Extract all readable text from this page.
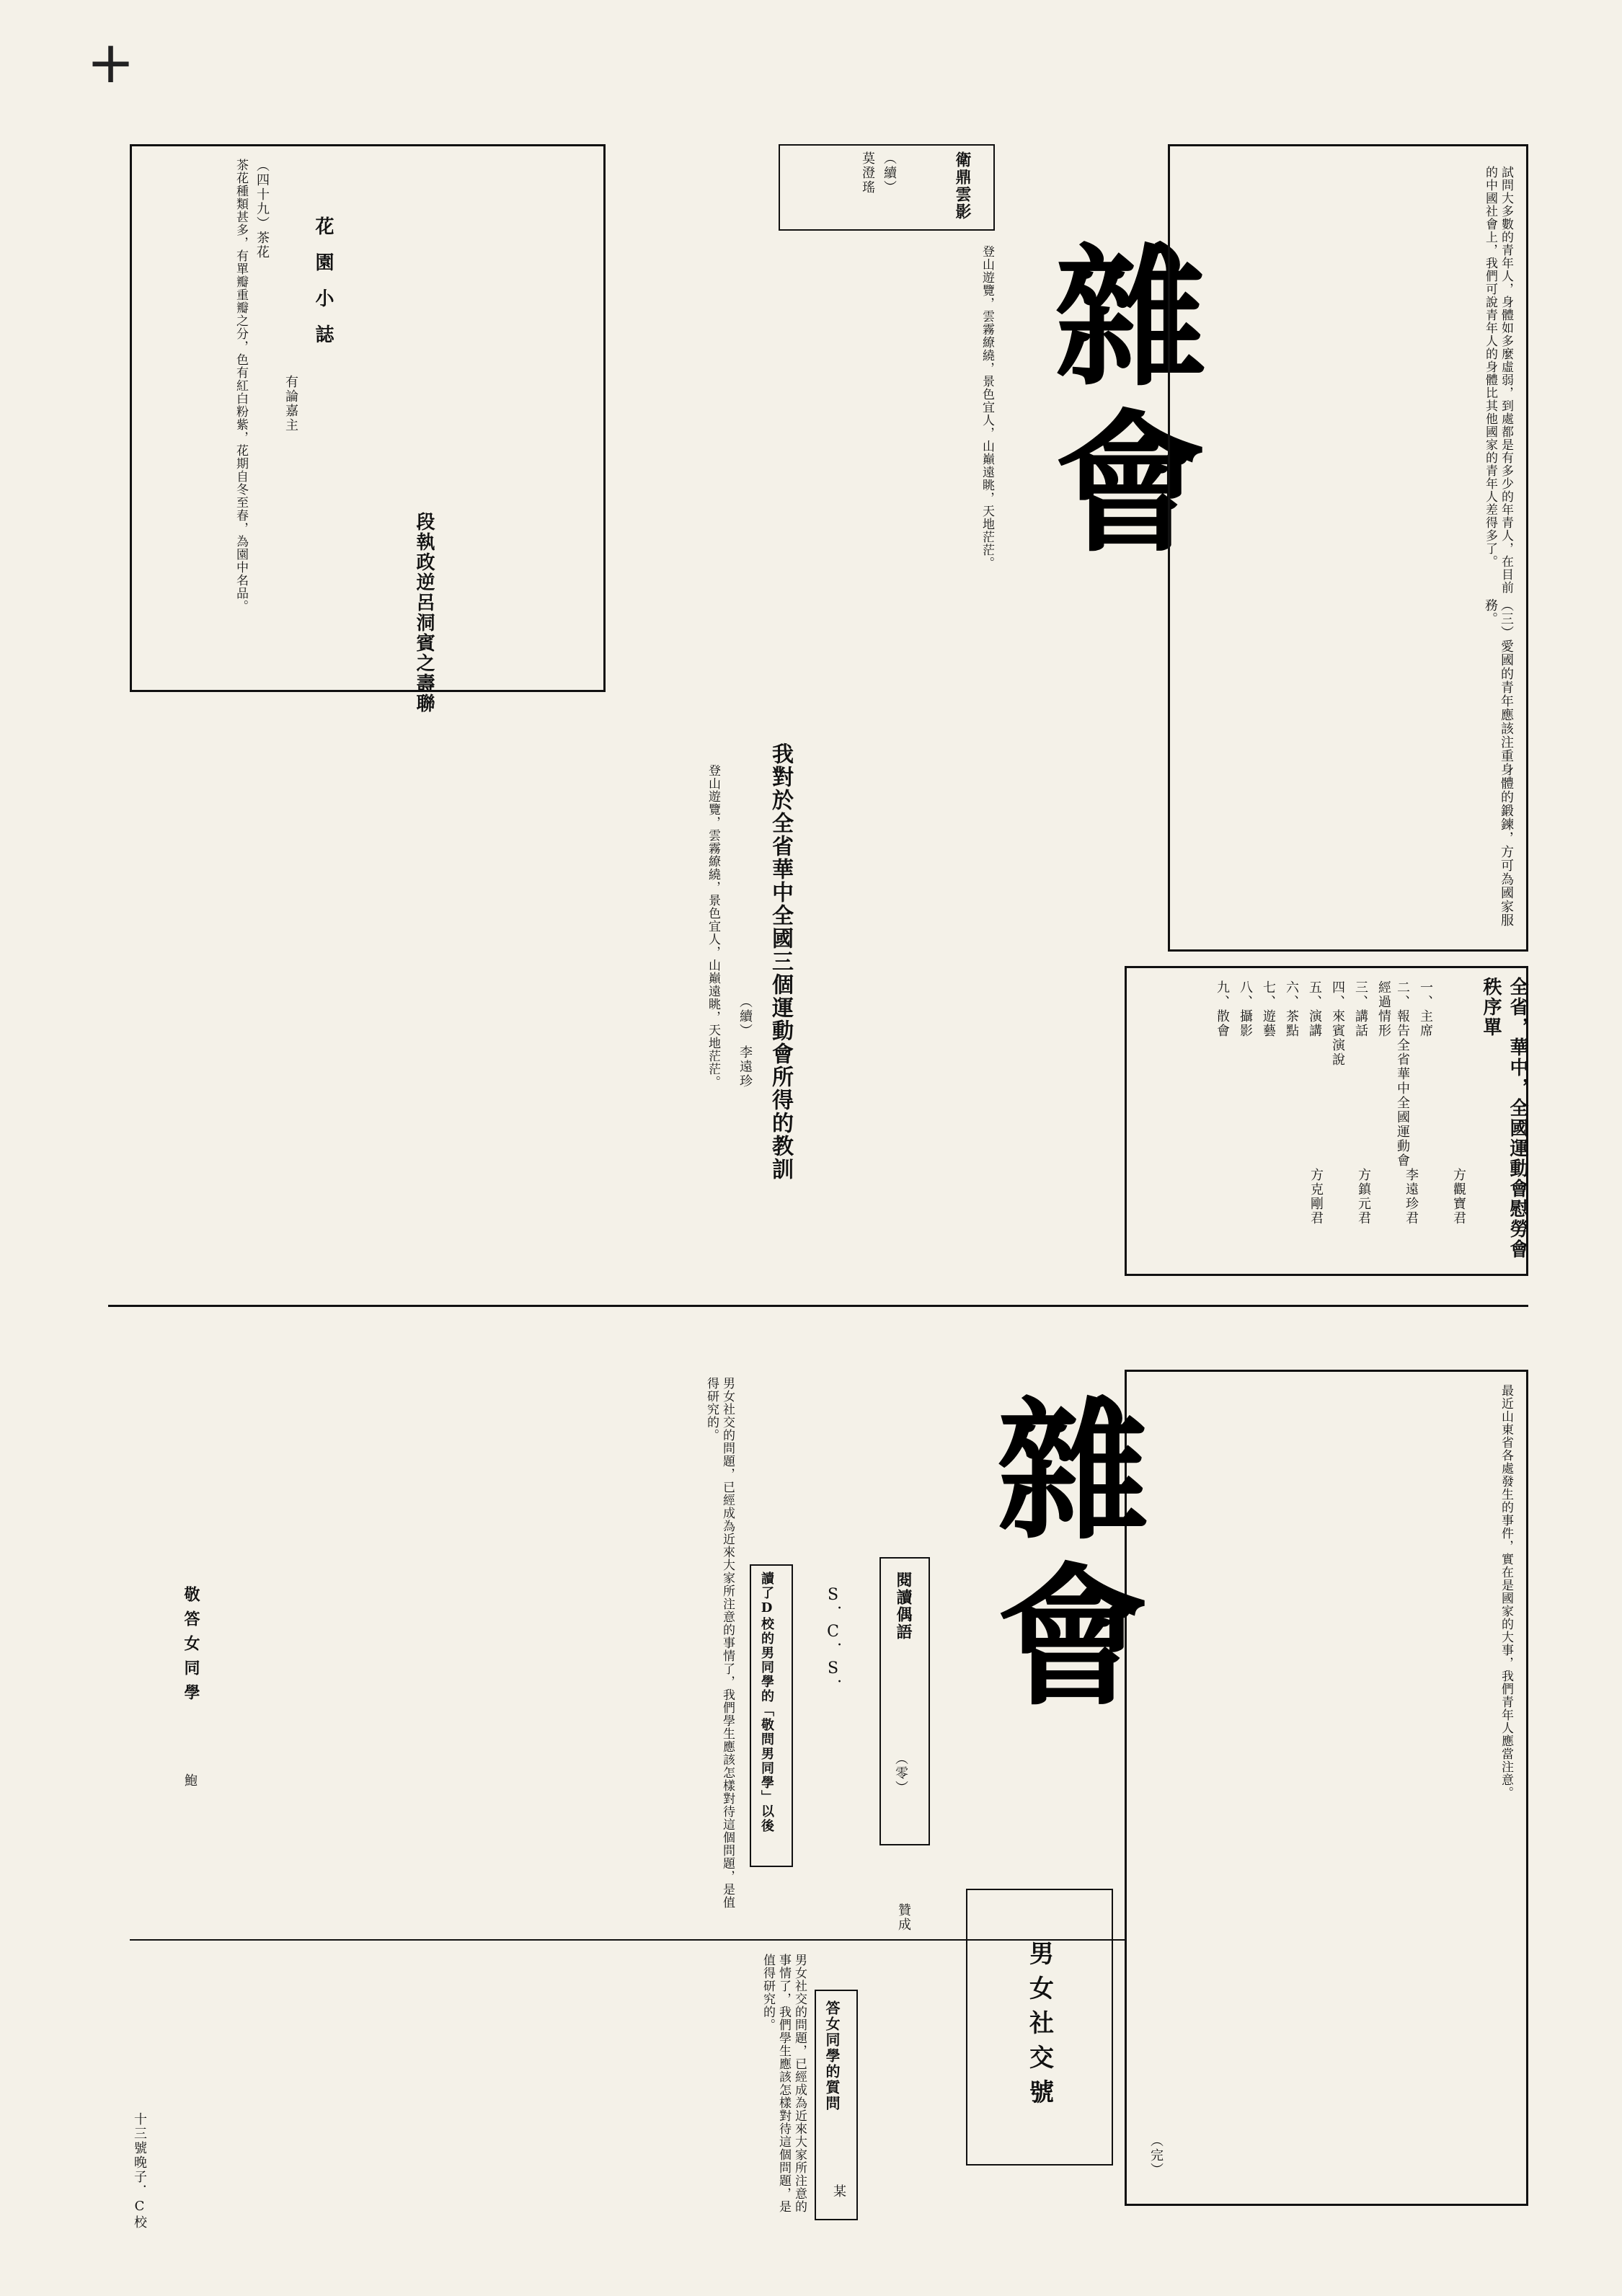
+
雜會	試問大多數的青年人，身體如多麼虛弱，到處都是有多少的年青人，在目前的中國社會上，我們可說青年人的身體比其他國家的青年人差得多了。
（三）愛國的青年應該注重身體的鍛鍊，方可為國家服務。
全省，華中，全國運動會慰勞會秩序單
方觀寶君
一、主席
二、報告全省華中全國運動會經過情形
三、講話
四、來賓演說
五、演講
六、茶點
七、遊藝
八、攝影
九、散會
李遠珍君
方鎮元君
方克剛君
衛鼎雲影
（續）
莫澄瑤
登山遊覽，雲霧繚繞，景色宜人，山巔遠眺，天地茫茫。
段執政逆呂洞賓之壽聯
花園小誌
有論嘉主
（四十九）茶花
茶花種類甚多，有單瓣重瓣之分，色有紅白粉紫，花期自冬至春，為園中名品。
我對於全省華中全國三個運動會所得的教訓
（續）
李遠珍
登山遊覽，雲霧繚繞，景色宜人，山巔遠眺，天地茫茫。
最近山東省各處發生的事件，實在是國家的大事，我們青年人應當注意。
（完）
雜會
男女社交號
閱讀偶語
（零）
讀了D校的男同學的「敬問男同學」以後	S．C．S．
敬答女同學
鮑
答女同學的質問
某
男女社交的問題，已經成為近來大家所注意的事情了，我們學生應該怎樣對待這個問題，是值得研究的。
男女社交的問題，已經成為近來大家所注意的事情了，我們學生應該怎樣對待這個問題，是值得研究的。
十三號晚子．C校
贊成
